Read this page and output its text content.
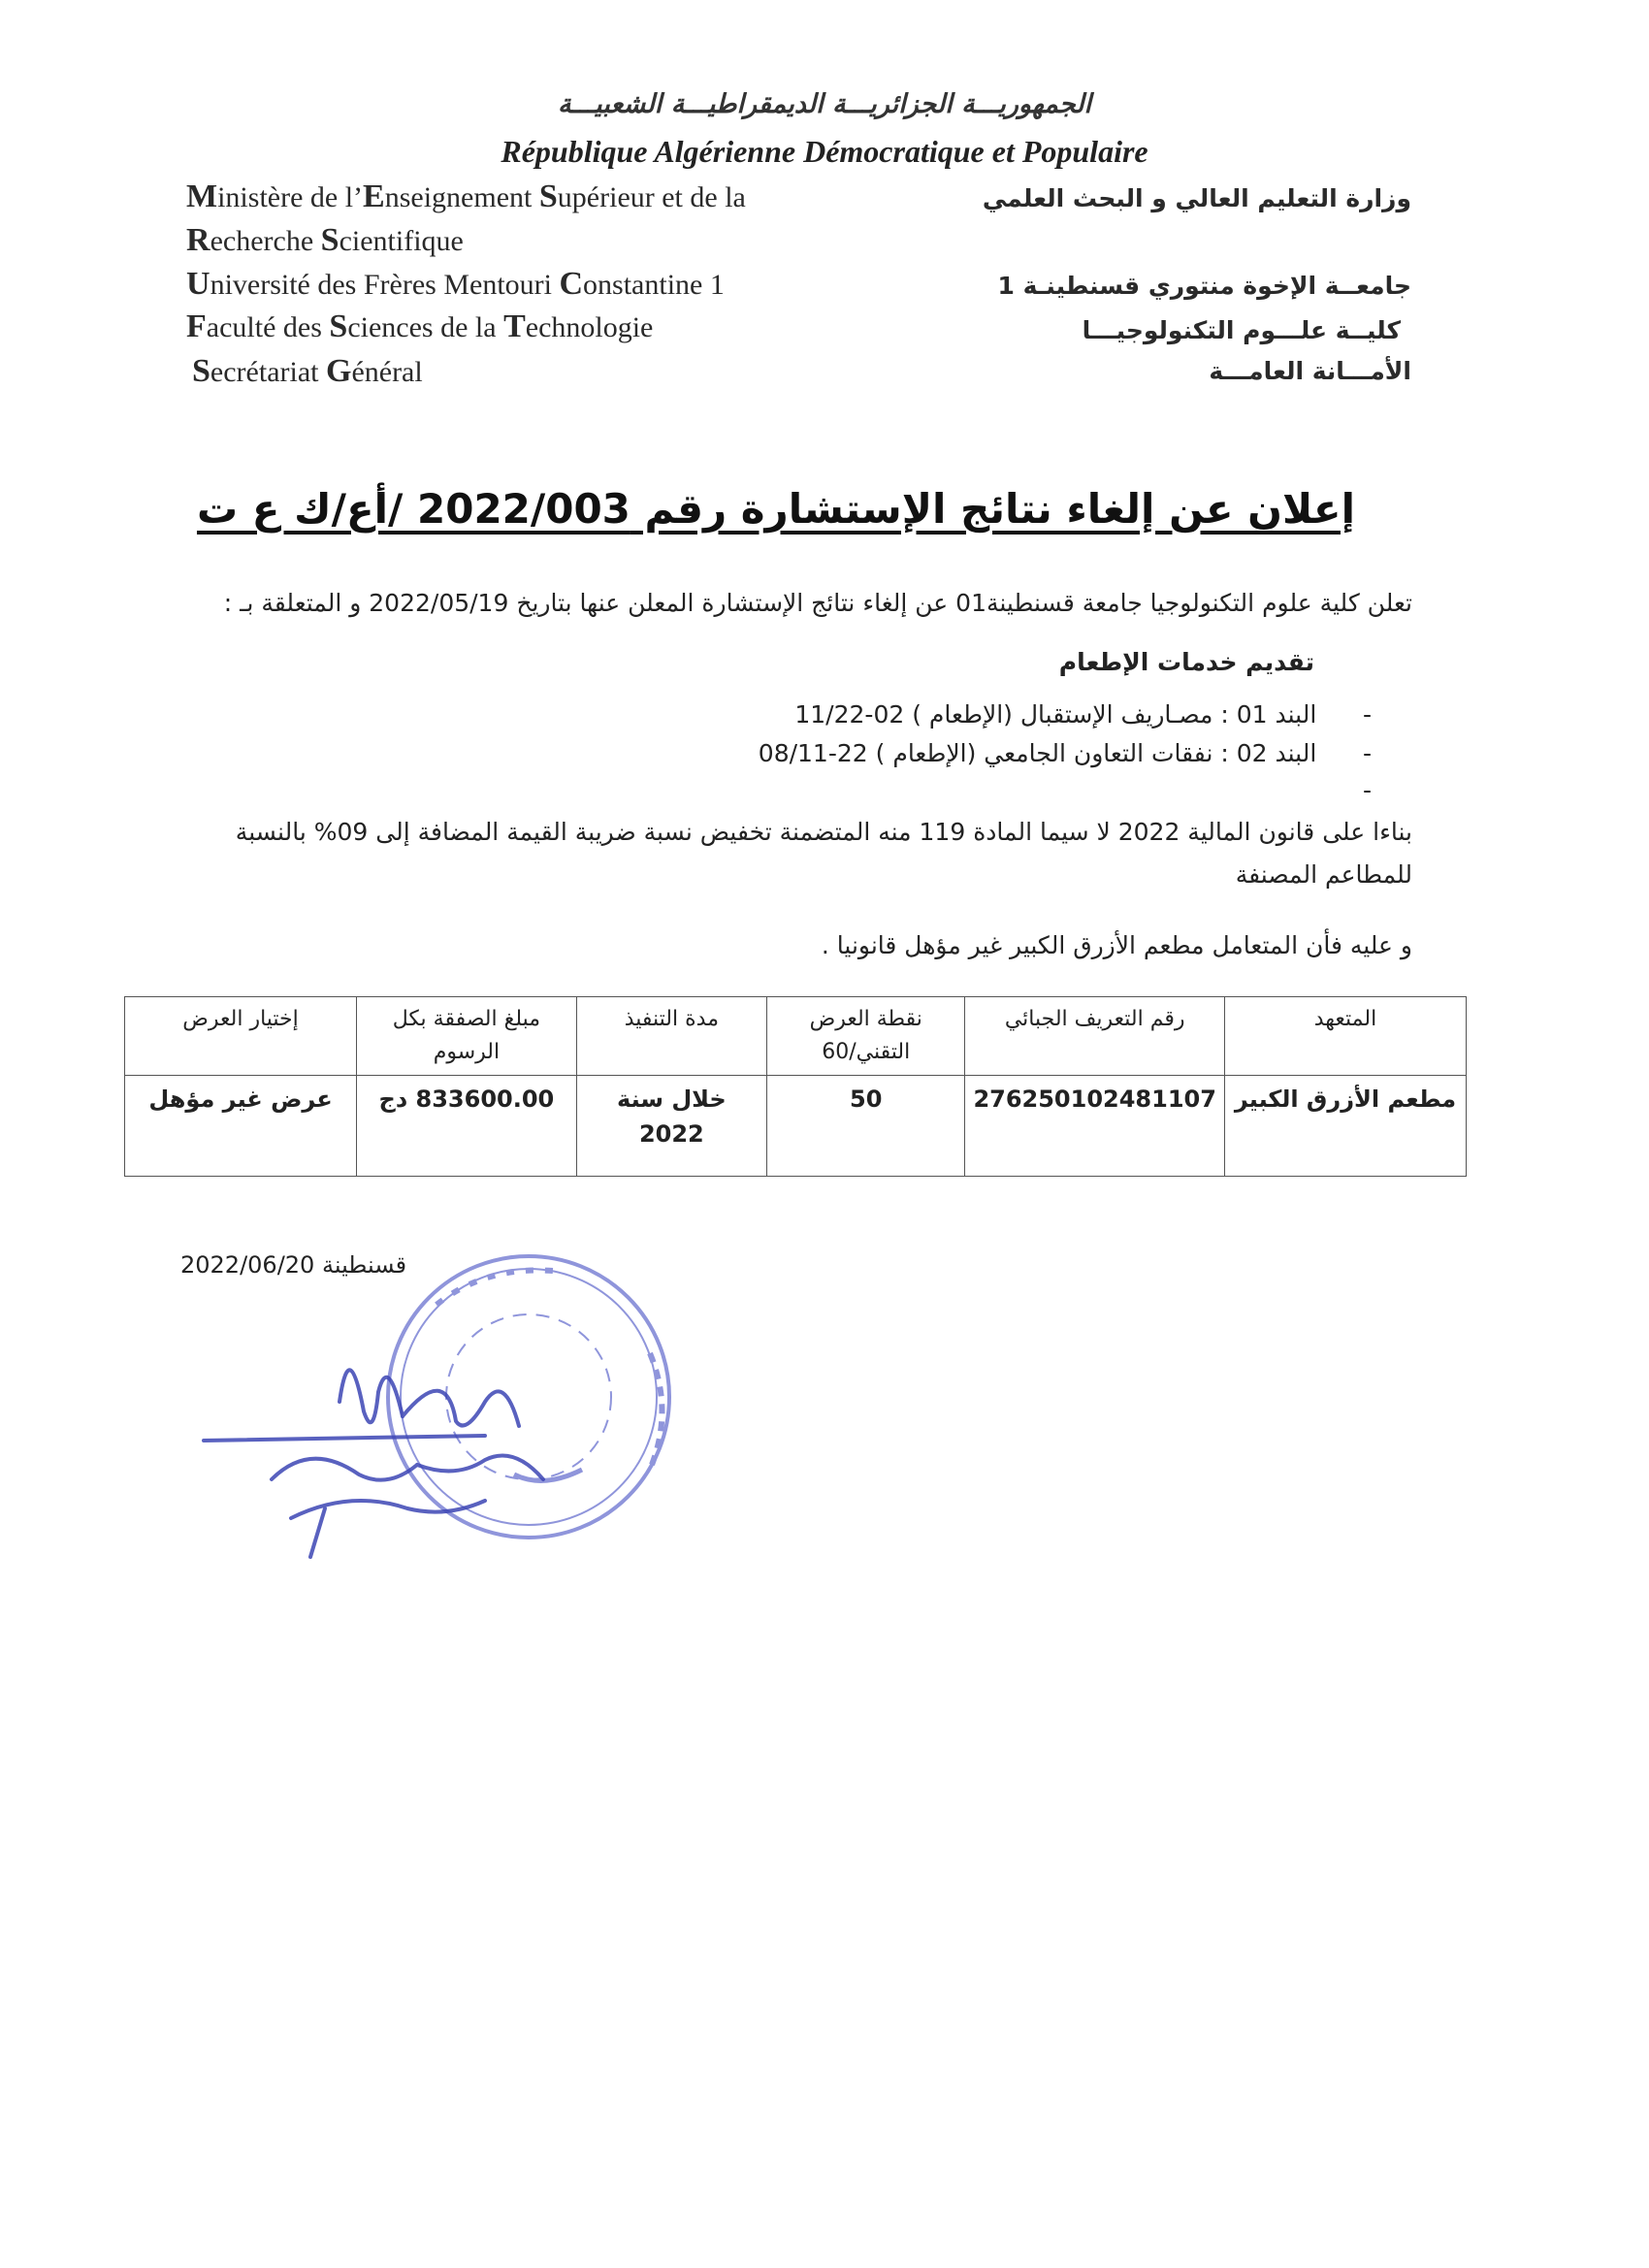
الجمهوريـــة الجزائريـــة الديمقراطيـــة الشعبيـــة
République Algérienne Démocratique et Populaire
Ministère de l’Enseignement Supérieur et de la
Recherche Scientifique
Université des Frères Mentouri Constantine 1
Faculté des Sciences de la Technologie
Secrétariat Général
وزارة التعليم العالي و البحث العلمي
جامعــة الإخوة منتوري قسنطينـة 1
كليــة علـــوم التكنولوجيـــا
الأمـــانة العامـــة
إعلان عن إلغاء نتائج الإستشارة رقم 2022/003 /أ‌ع/ك ع ت
تعلن كلية علوم التكنولوجيا جامعة قسنطينة01 عن إلغاء نتائج الإستشارة المعلن عنها بتاريخ 2022/05/19 و المتعلقة بـ :
تقديم خدمات الإطعام
-      البند 01 : مصـاريف الإستقبال (الإطعام ) 02-11/22
-      البند 02 : نفقات التعاون الجامعي (الإطعام ) 22-08/11
-
بناءا على قانون المالية 2022 لا سيما المادة 119 منه المتضمنة تخفيض نسبة ضريبة القيمة المضافة إلى 09% بالنسبة للمطاعم المصنفة
و عليه فأن المتعامل مطعم الأزرق الكبير غير مؤهل قانونيا .
المتعهد	رقم التعريف الجبائي	نقطة العرض التقني/60	مدة التنفيذ	مبلغ الصفقة بكل الرسوم	إختيار العرض
مطعم الأزرق الكبير	276250102481107	50	خلال سنة 2022	833600.00 دج	عرض غير مؤهل
قسنطينة 2022/06/20
